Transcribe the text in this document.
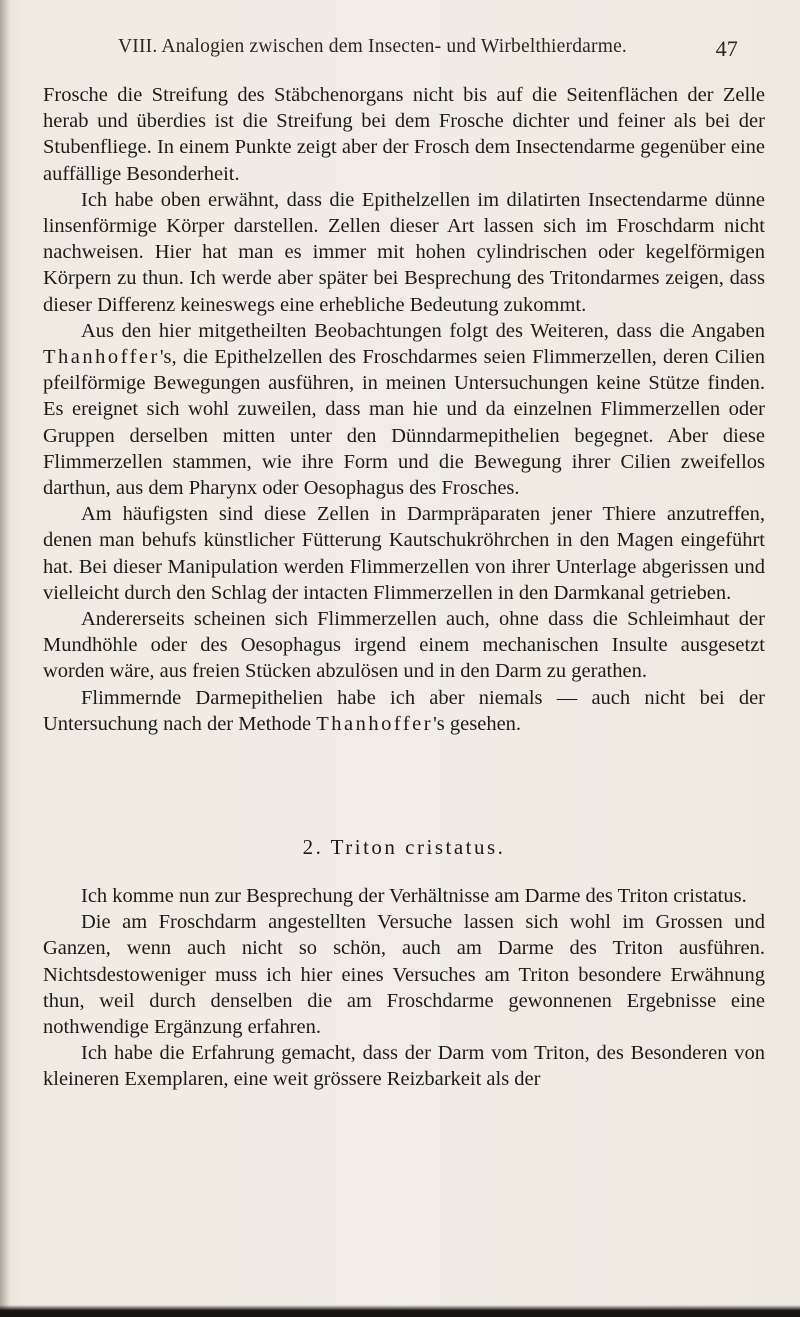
VIII. Analogien zwischen dem Insecten- und Wirbelthierdarme.	47

Frosche die Streifung des Stäbchenorgans nicht bis auf die Seitenflächen der Zelle herab und überdies ist die Streifung bei dem Frosche dichter und feiner als bei der Stubenfliege. In einem Punkte zeigt aber der Frosch dem Insectendarme gegenüber eine auffällige Besonderheit.

Ich habe oben erwähnt, dass die Epithelzellen im dilatirten Insectendarme dünne linsenförmige Körper darstellen. Zellen dieser Art lassen sich im Froschdarm nicht nachweisen. Hier hat man es immer mit hohen cylindrischen oder kegelförmigen Körpern zu thun. Ich werde aber später bei Besprechung des Tritondarmes zeigen, dass dieser Differenz keineswegs eine erhebliche Bedeutung zukommt.

Aus den hier mitgetheilten Beobachtungen folgt des Weiteren, dass die Angaben Thanhoffer's, die Epithelzellen des Froschdarmes seien Flimmerzellen, deren Cilien pfeilförmige Bewegungen ausführen, in meinen Untersuchungen keine Stütze finden. Es ereignet sich wohl zuweilen, dass man hie und da einzelnen Flimmerzellen oder Gruppen derselben mitten unter den Dünndarmepithelien begegnet. Aber diese Flimmerzellen stammen, wie ihre Form und die Bewegung ihrer Cilien zweifellos darthun, aus dem Pharynx oder Oesophagus des Frosches.

Am häufigsten sind diese Zellen in Darmpräparaten jener Thiere anzutreffen, denen man behufs künstlicher Fütterung Kautschukröhrchen in den Magen eingeführt hat. Bei dieser Manipulation werden Flimmerzellen von ihrer Unterlage abgerissen und vielleicht durch den Schlag der intacten Flimmerzellen in den Darmkanal getrieben.

Andererseits scheinen sich Flimmerzellen auch, ohne dass die Schleimhaut der Mundhöhle oder des Oesophagus irgend einem mechanischen Insulte ausgesetzt worden wäre, aus freien Stücken abzulösen und in den Darm zu gerathen.

Flimmernde Darmepithelien habe ich aber niemals — auch nicht bei der Untersuchung nach der Methode Thanhoffer's gesehen.

2. Triton cristatus.

Ich komme nun zur Besprechung der Verhältnisse am Darme des Triton cristatus.

Die am Froschdarm angestellten Versuche lassen sich wohl im Grossen und Ganzen, wenn auch nicht so schön, auch am Darme des Triton ausführen. Nichtsdestoweniger muss ich hier eines Versuches am Triton besondere Erwähnung thun, weil durch denselben die am Froschdarme gewonnenen Ergebnisse eine nothwendige Ergänzung erfahren.

Ich habe die Erfahrung gemacht, dass der Darm vom Triton, des Besonderen von kleineren Exemplaren, eine weit grössere Reizbarkeit als der
